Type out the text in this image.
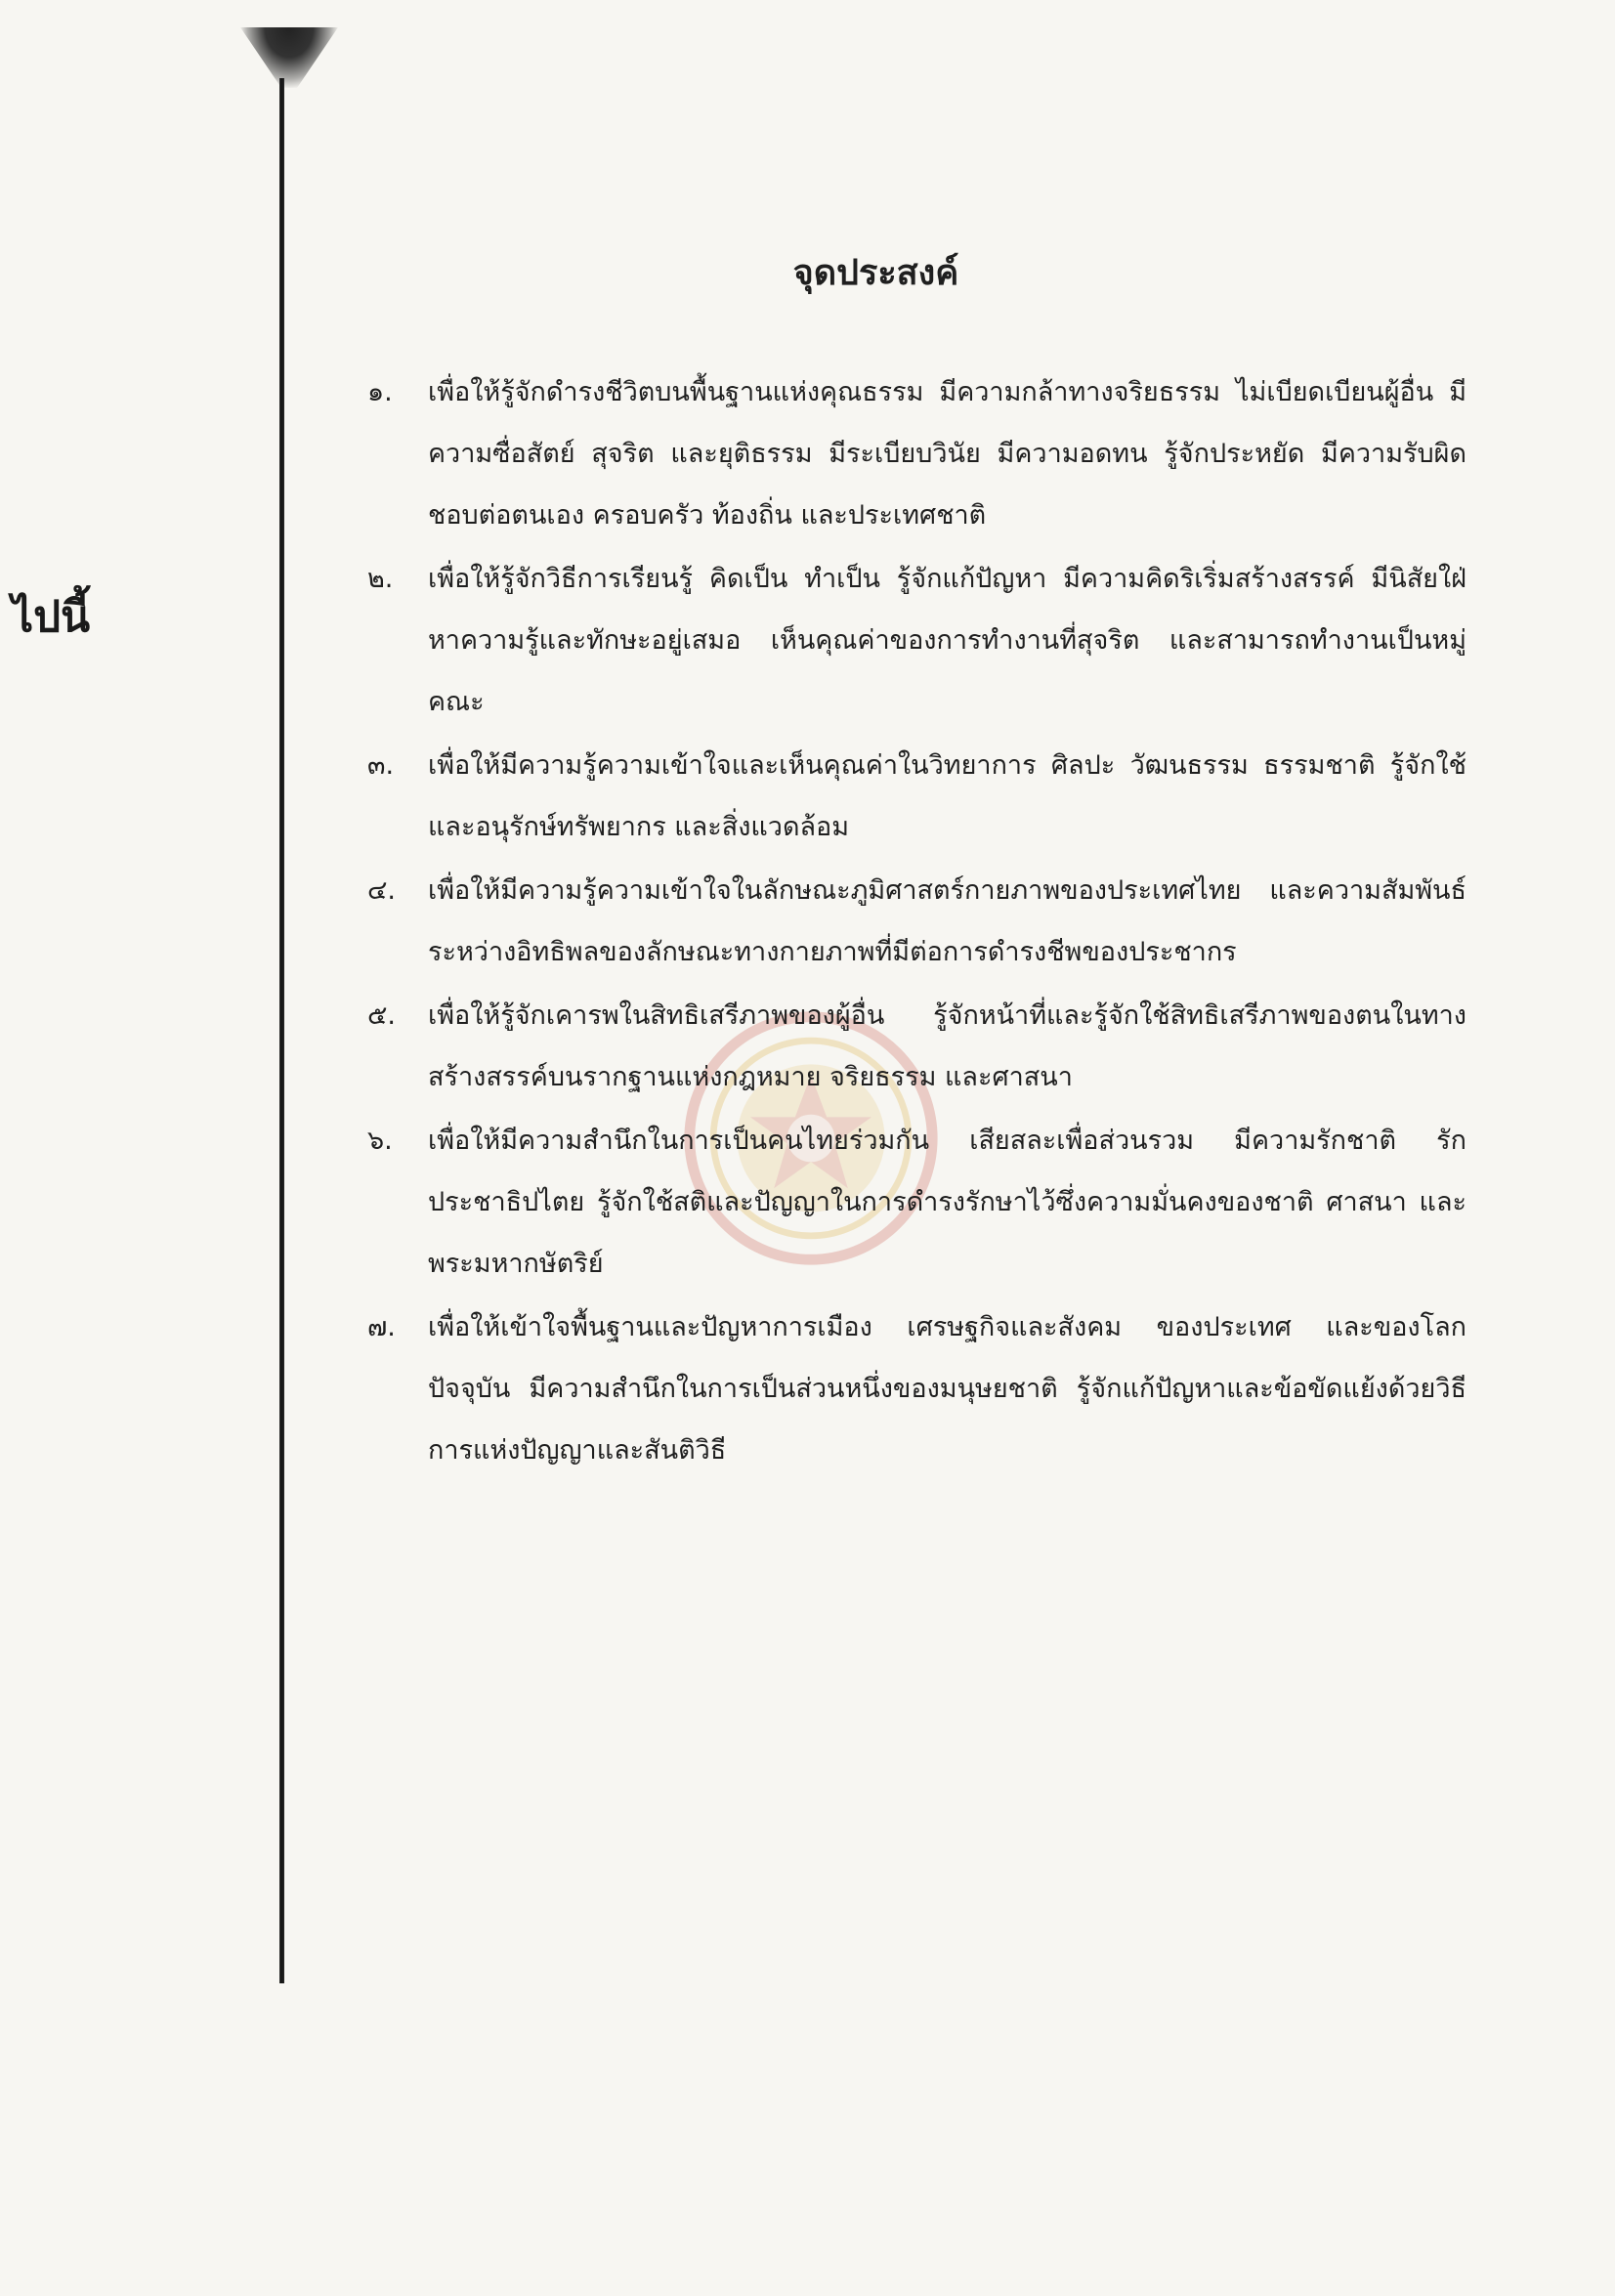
ไปนี้
จุดประสงค์
๑.	เพื่อให้รู้จักดำรงชีวิตบนพื้นฐานแห่งคุณธรรม มีความกล้าทางจริยธรรม ไม่เบียดเบียนผู้อื่น มีความซื่อสัตย์ สุจริต และยุติธรรม มีระเบียบวินัย มีความอดทน รู้จักประหยัด มีความรับผิดชอบต่อตนเอง ครอบครัว ท้องถิ่น และประเทศชาติ
๒.	เพื่อให้รู้จักวิธีการเรียนรู้ คิดเป็น ทำเป็น รู้จักแก้ปัญหา มีความคิดริเริ่มสร้างสรรค์ มีนิสัยใฝ่หาความรู้และทักษะอยู่เสมอ เห็นคุณค่าของการทำงานที่สุจริต และสามารถทำงานเป็นหมู่คณะ
๓.	เพื่อให้มีความรู้ความเข้าใจและเห็นคุณค่าในวิทยาการ ศิลปะ วัฒนธรรม ธรรมชาติ รู้จักใช้และอนุรักษ์ทรัพยากร และสิ่งแวดล้อม
๔.	เพื่อให้มีความรู้ความเข้าใจในลักษณะภูมิศาสตร์กายภาพของประเทศไทย และความสัมพันธ์ระหว่างอิทธิพลของลักษณะทางกายภาพที่มีต่อการดำรงชีพของประชากร
๕.	เพื่อให้รู้จักเคารพในสิทธิเสรีภาพของผู้อื่น รู้จักหน้าที่และรู้จักใช้สิทธิเสรีภาพของตนในทางสร้างสรรค์บนรากฐานแห่งกฎหมาย จริยธรรม และศาสนา
๖.	เพื่อให้มีความสำนึกในการเป็นคนไทยร่วมกัน เสียสละเพื่อส่วนรวม มีความรักชาติ รักประชาธิปไตย รู้จักใช้สติและปัญญาในการดำรงรักษาไว้ซึ่งความมั่นคงของชาติ ศาสนา และพระมหากษัตริย์
๗.	เพื่อให้เข้าใจพื้นฐานและปัญหาการเมือง เศรษฐกิจและสังคม ของประเทศ และของโลกปัจจุบัน มีความสำนึกในการเป็นส่วนหนึ่งของมนุษยชาติ รู้จักแก้ปัญหาและข้อขัดแย้งด้วยวิธีการแห่งปัญญาและสันติวิธี
